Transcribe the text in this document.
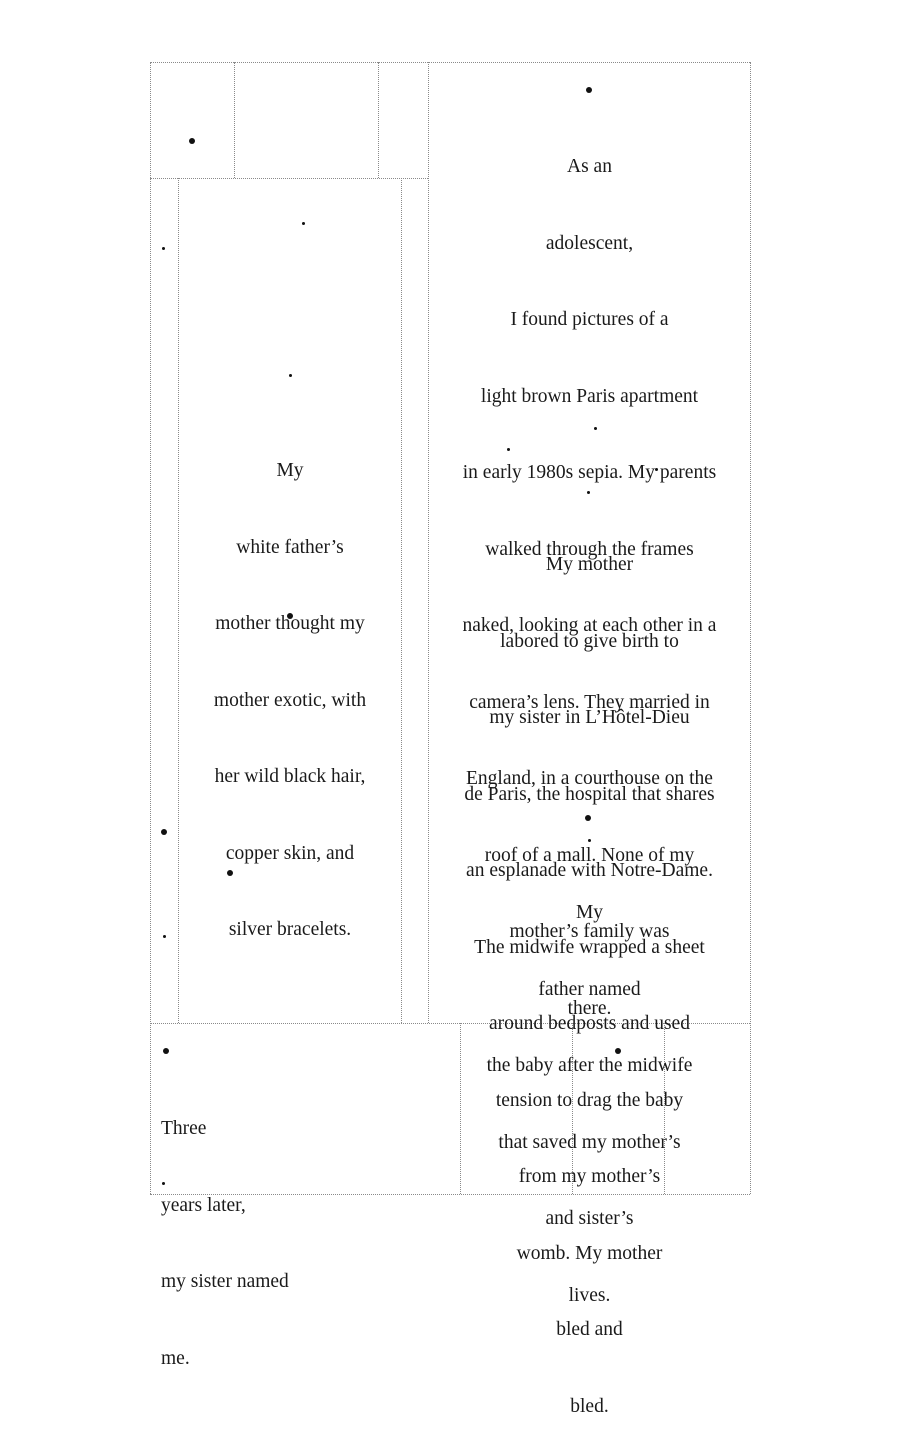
As an

adolescent,

I found pictures of a

light brown Paris apartment

in early 1980s sepia. My parents

walked through the frames

naked, looking at each other in a

camera’s lens. They married in

England, in a courthouse on the

roof of a mall. None of my

mother’s family was

there.

My

white father’s

mother thought my

mother exotic, with

her wild black hair,

copper skin, and

silver bracelets.

My mother

labored to give birth to

my sister in L’Hôtel-Dieu

de Paris, the hospital that shares

an esplanade with Notre-Dame.

The midwife wrapped a sheet

around bedposts and used

tension to drag the baby

from my mother’s

womb. My mother

bled and

bled.

My

father named

the baby after the midwife

that saved my mother’s

and sister’s

lives.

Three

years later,

my sister named

me.
